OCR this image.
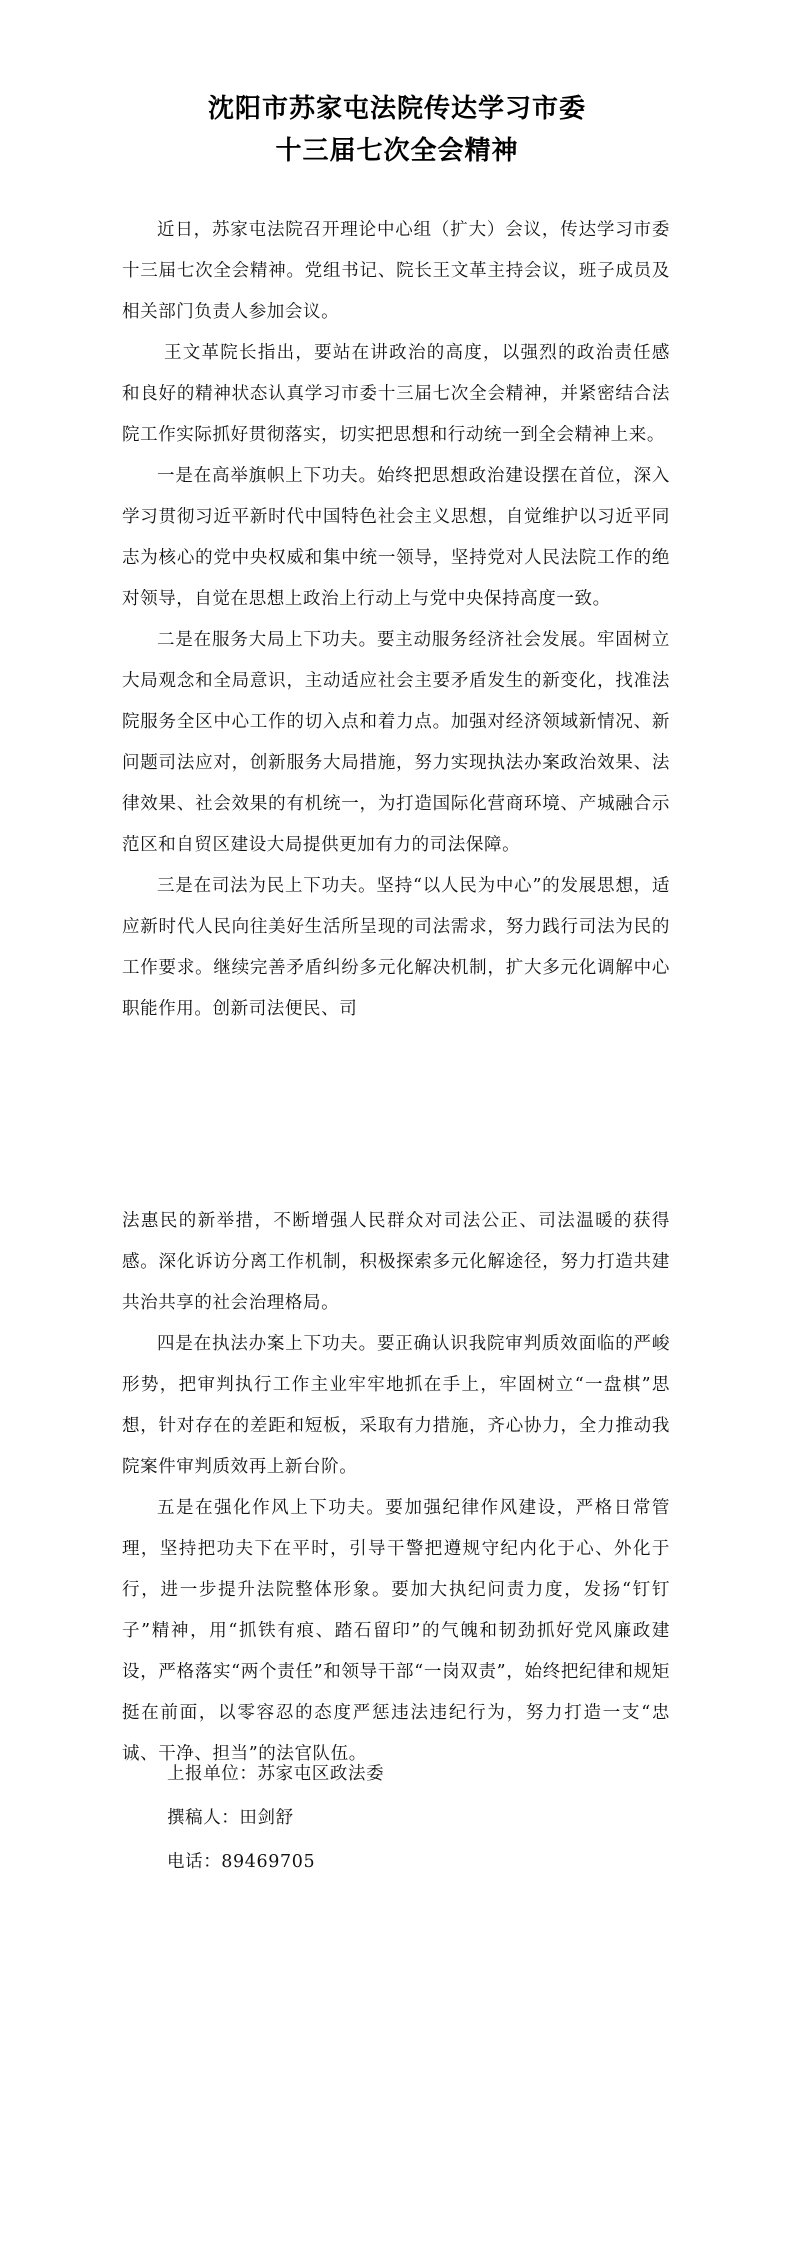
沈阳市苏家屯法院传达学习市委
十三届七次全会精神

近日，苏家屯法院召开理论中心组（扩大）会议，传达学习市委十三届七次全会精神。党组书记、院长王文革主持会议，班子成员及相关部门负责人参加会议。

王文革院长指出，要站在讲政治的高度，以强烈的政治责任感和良好的精神状态认真学习市委十三届七次全会精神，并紧密结合法院工作实际抓好贯彻落实，切实把思想和行动统一到全会精神上来。

一是在高举旗帜上下功夫。始终把思想政治建设摆在首位，深入学习贯彻习近平新时代中国特色社会主义思想，自觉维护以习近平同志为核心的党中央权威和集中统一领导，坚持党对人民法院工作的绝对领导，自觉在思想上政治上行动上与党中央保持高度一致。

二是在服务大局上下功夫。要主动服务经济社会发展。牢固树立大局观念和全局意识，主动适应社会主要矛盾发生的新变化，找准法院服务全区中心工作的切入点和着力点。加强对经济领域新情况、新问题司法应对，创新服务大局措施，努力实现执法办案政治效果、法律效果、社会效果的有机统一，为打造国际化营商环境、产城融合示范区和自贸区建设大局提供更加有力的司法保障。

三是在司法为民上下功夫。坚持“以人民为中心”的发展思想，适应新时代人民向往美好生活所呈现的司法需求，努力践行司法为民的工作要求。继续完善矛盾纠纷多元化解决机制，扩大多元化调解中心职能作用。创新司法便民、司

法惠民的新举措，不断增强人民群众对司法公正、司法温暖的获得感。深化诉访分离工作机制，积极探索多元化解途径，努力打造共建共治共享的社会治理格局。

四是在执法办案上下功夫。要正确认识我院审判质效面临的严峻形势，把审判执行工作主业牢牢地抓在手上，牢固树立“一盘棋”思想，针对存在的差距和短板，采取有力措施，齐心协力，全力推动我院案件审判质效再上新台阶。

五是在强化作风上下功夫。要加强纪律作风建设，严格日常管理，坚持把功夫下在平时，引导干警把遵规守纪内化于心、外化于行，进一步提升法院整体形象。要加大执纪问责力度，发扬“钉钉子”精神，用“抓铁有痕、踏石留印”的气魄和韧劲抓好党风廉政建设，严格落实“两个责任”和领导干部“一岗双责”，始终把纪律和规矩挺在前面，以零容忍的态度严惩违法违纪行为，努力打造一支“忠诚、干净、担当”的法官队伍。

上报单位：苏家屯区政法委
撰稿人：田剑舒
电话：89469705
